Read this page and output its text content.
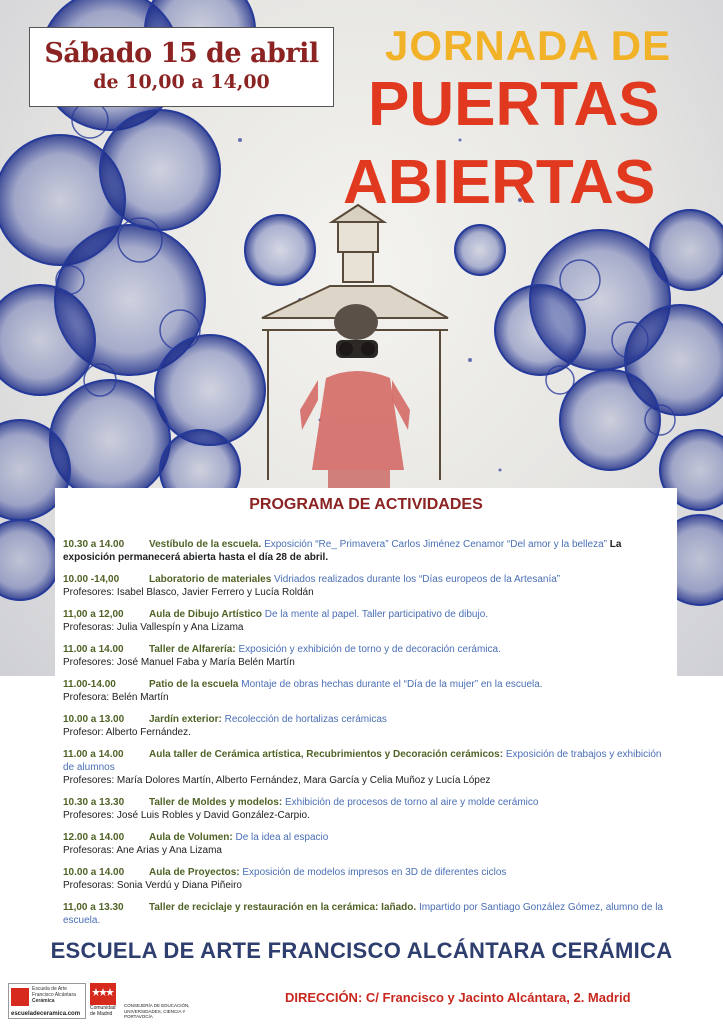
Sábado 15 de abril
de 10,00 a 14,00
JORNADA DE
PUERTAS
ABIERTAS
PROGRAMA DE ACTIVIDADES
10.30 a 14.00 Vestíbulo de la escuela. Exposición “Re_ Primavera” Carlos Jiménez Cenamor “Del amor y la belleza” La exposición permanecerá abierta hasta el día 28 de abril.
10.00 -14,00	Laboratorio de materiales Vidriados realizados durante los “Días europeos de la Artesanía”
Profesores: Isabel Blasco, Javier Ferrero y Lucía Roldán
11,00 a 12,00	Aula de Dibujo Artístico De la mente al papel. Taller participativo de dibujo.
Profesoras: Julia Vallespín y Ana Lizama
11.00 a 14.00	Taller de Alfarería: Exposición y exhibición de torno y de decoración cerámica.
Profesores: José Manuel Faba y María Belén Martín
11.00-14.00	Patio de la escuela Montaje de obras hechas durante el “Día de la mujer” en la escuela.
Profesora: Belén Martín
10.00 a 13.00 Jardín exterior: Recolección de hortalizas cerámicas
Profesor: Alberto Fernández.
11.00 a 14.00	Aula taller de Cerámica artística, Recubrimientos y Decoración cerámicos: Exposición de trabajos y exhibición de alumnos
Profesores: María Dolores Martín, Alberto Fernández, Mara García y Celia Muñoz y Lucía López
10.30 a 13.30 Taller de Moldes y modelos: Exhibición de procesos de torno al aire y molde cerámico
Profesores: José Luis Robles y David González-Carpio.
12.00 a 14.00 Aula de Volumen: De la idea al espacio
Profesoras: Ane Arias y Ana Lizama
10.00 a 14.00 Aula de Proyectos: Exposición de modelos impresos en 3D de diferentes ciclos
Profesoras: Sonia Verdú y Diana Piñeiro
11,00 a 13.30	Taller de reciclaje y restauración en la cerámica: Iañado. Impartido por Santiago González Gómez, alumno de la escuela.
ESCUELA DE ARTE FRANCISCO ALCÁNTARA CERÁMICA
Escuela de Arte
Francisco Alcántara
Cerámica
escueladeceramica.com
Comunidad de Madrid
CONSEJERÍA DE EDUCACIÓN, UNIVERSIDADES, CIENCIA Y PORTAVOCÍA
DIRECCIÓN: C/ Francisco y Jacinto Alcántara, 2. Madrid
